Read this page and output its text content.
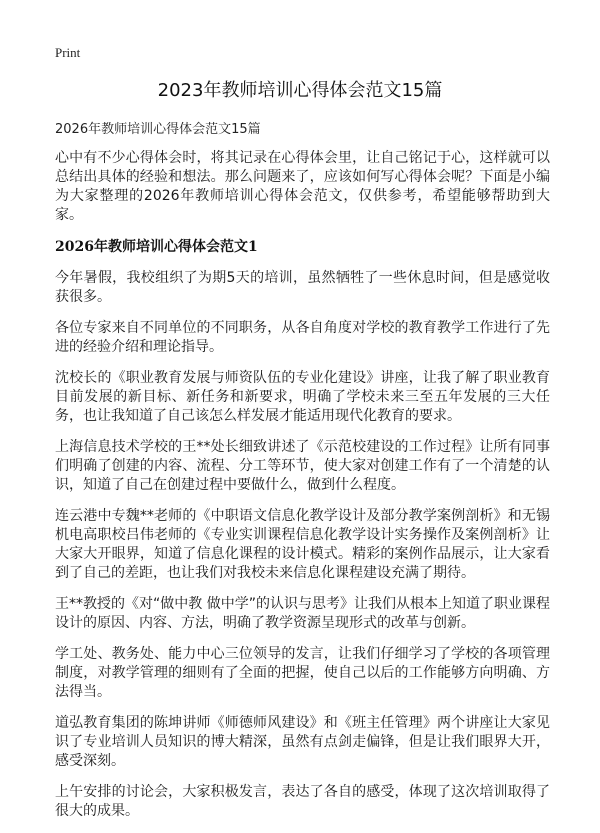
Print
2023年教师培训心得体会范文15篇

2026年教师培训心得体会范文15篇

心中有不少心得体会时，将其记录在心得体会里，让自己铭记于心，这样就可以总结出具体的经验和想法。那么问题来了，应该如何写心得体会呢？下面是小编为大家整理的2026年教师培训心得体会范文，仅供参考，希望能够帮助到大家。

2026年教师培训心得体会范文1

今年暑假，我校组织了为期5天的培训，虽然牺牲了一些休息时间，但是感觉收获很多。

各位专家来自不同单位的不同职务，从各自角度对学校的教育教学工作进行了先进的经验介绍和理论指导。

沈校长的《职业教育发展与师资队伍的专业化建设》讲座，让我了解了职业教育目前发展的新目标、新任务和新要求，明确了学校未来三至五年发展的三大任务，也让我知道了自己该怎么样发展才能适用现代化教育的要求。

上海信息技术学校的王**处长细致讲述了《示范校建设的工作过程》让所有同事们明确了创建的内容、流程、分工等环节，使大家对创建工作有了一个清楚的认识，知道了自己在创建过程中要做什么，做到什么程度。

连云港中专魏**老师的《中职语文信息化教学设计及部分教学案例剖析》和无锡机电高职校吕伟老师的《专业实训课程信息化教学设计实务操作及案例剖析》让大家大开眼界，知道了信息化课程的设计模式。精彩的案例作品展示，让大家看到了自己的差距，也让我们对我校未来信息化课程建设充满了期待。

王**教授的《对“做中教 做中学”的认识与思考》让我们从根本上知道了职业课程设计的原因、内容、方法，明确了教学资源呈现形式的改革与创新。

学工处、教务处、能力中心三位领导的发言，让我们仔细学习了学校的各项管理制度，对教学管理的细则有了全面的把握，使自己以后的工作能够方向明确、方法得当。

道弘教育集团的陈坤讲师《师德师风建设》和《班主任管理》两个讲座让大家见识了专业培训人员知识的博大精深，虽然有点剑走偏锋，但是让我们眼界大开，感受深刻。

上午安排的讨论会，大家积极发言，表达了各自的感受，体现了这次培训取得了很大的成果。
